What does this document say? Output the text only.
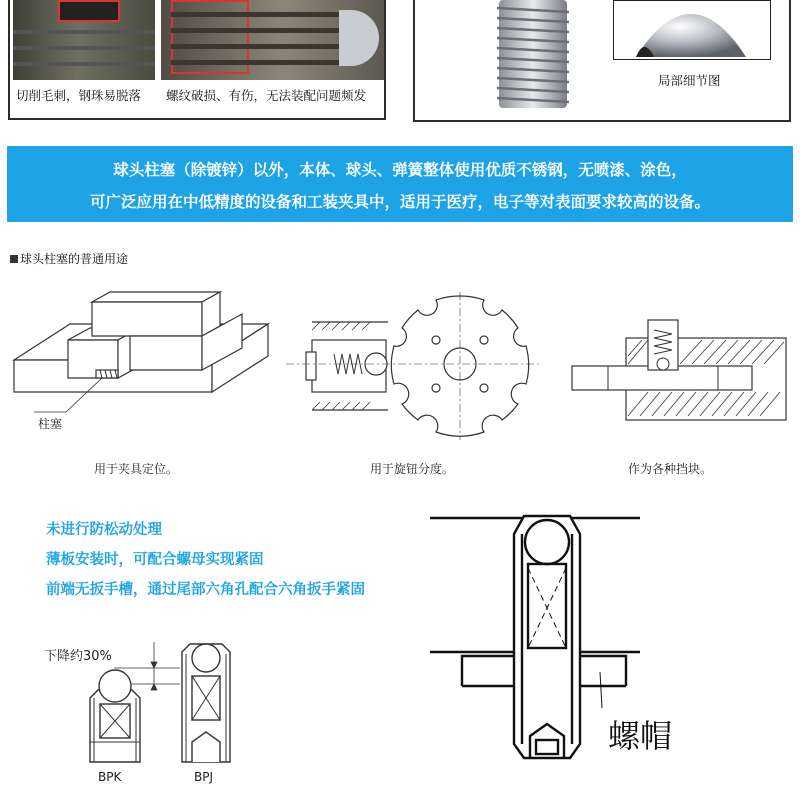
切削毛刺，钢珠易脱落 螺纹破损、有伤，无法装配问题频发
局部细节图
球头柱塞（除镀锌）以外，本体、球头、弹簧整体使用优质不锈钢，无喷漆、涂色，
可广泛应用在中低精度的设备和工装夹具中，适用于医疗，电子等对表面要求较高的设备。
球头柱塞的普通用途
柱塞
用于夹具定位。	用于旋钮分度。	作为各种挡块。
未进行防松动处理
薄板安装时，可配合螺母实现紧固
前端无扳手槽，通过尾部六角孔配合六角扳手紧固
下降约30%
BPK	BPJ
螺帽
